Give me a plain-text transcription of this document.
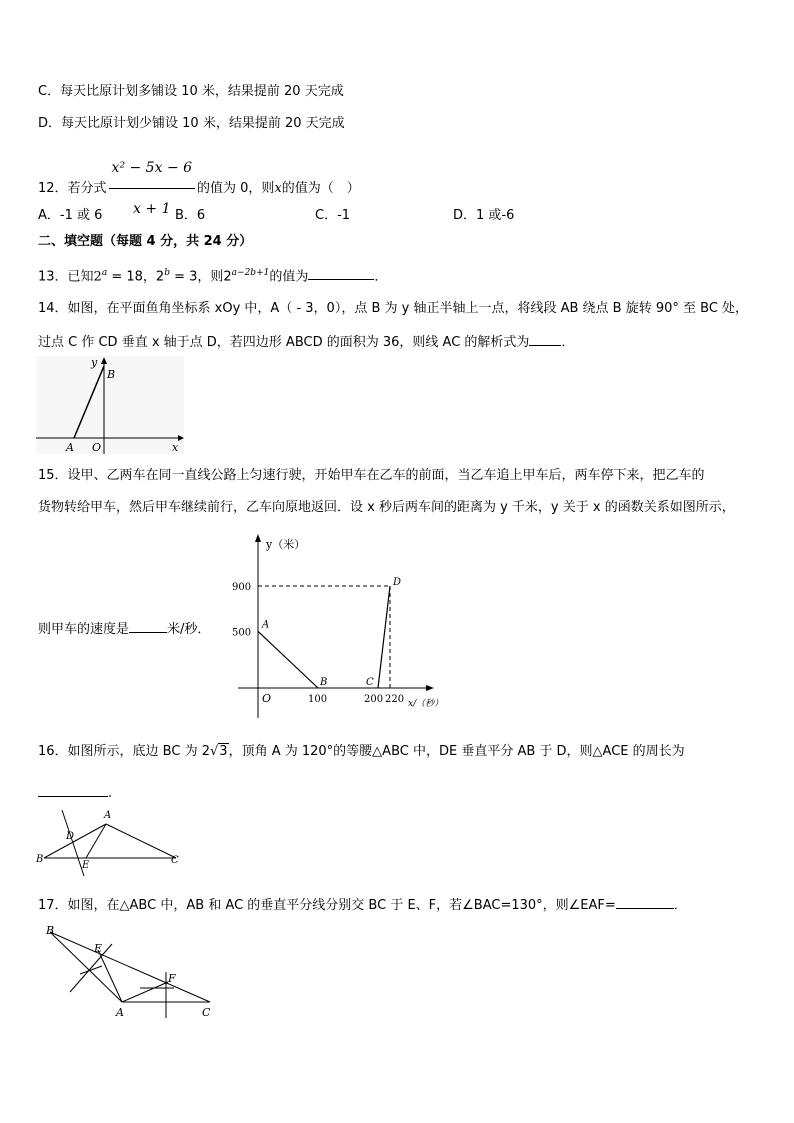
C．每天比原计划多铺设 10 米，结果提前 20 天完成
D．每天比原计划少铺设 10 米，结果提前 20 天完成
12．若分式 $\frac{\text{x² − 5x − 6}}{x + 1}$ 的值为 0，则x的值为（　）
A．-1 或 6	B．6	C．-1	D．1 或-6
二、填空题（每题 4 分，共 24 分）
13．已知$2^a = 18$，$2^b = 3$，则$2^{a-2b+1}$的值为	．
14．如图，在平面鱼角坐标系 xOy 中，A（ - 3，0），点 B 为 y 轴正半轴上一点，将线段 AB 绕点 B 旋转 90° 至 BC 处，
过点 C 作 CD 垂直 x 轴于点 D，若四边形 ABCD 的面积为 36，则线 AC 的解析式为 ．
y
B
A O	x
15．设甲、乙两车在同一直线公路上匀速行驶，开始甲车在乙车的前面，当乙车追上甲车后，两车停下来，把乙车的
货物转给甲车，然后甲车继续前行，乙车向原地返回．设 x 秒后两车间的距离为 y 千米，y 关于 x 的函数关系如图所示，
则甲车的速度是	米/秒．
y（米）
x/（秒）
O
500
900
100	200 220
A
B	C
D
16．如图所示，底边 BC 为 2√3，顶角 A 为 120°的等腰△ABC 中，DE 垂直平分 AB 于 D，则△ACE 的周长为
.
B
A
C
D
E
17．如图，在△ABC 中，AB 和 AC 的垂直平分线分别交 BC 于 E、F，若∠BAC=130°，则∠EAF=	．
B
E
F
A	C
